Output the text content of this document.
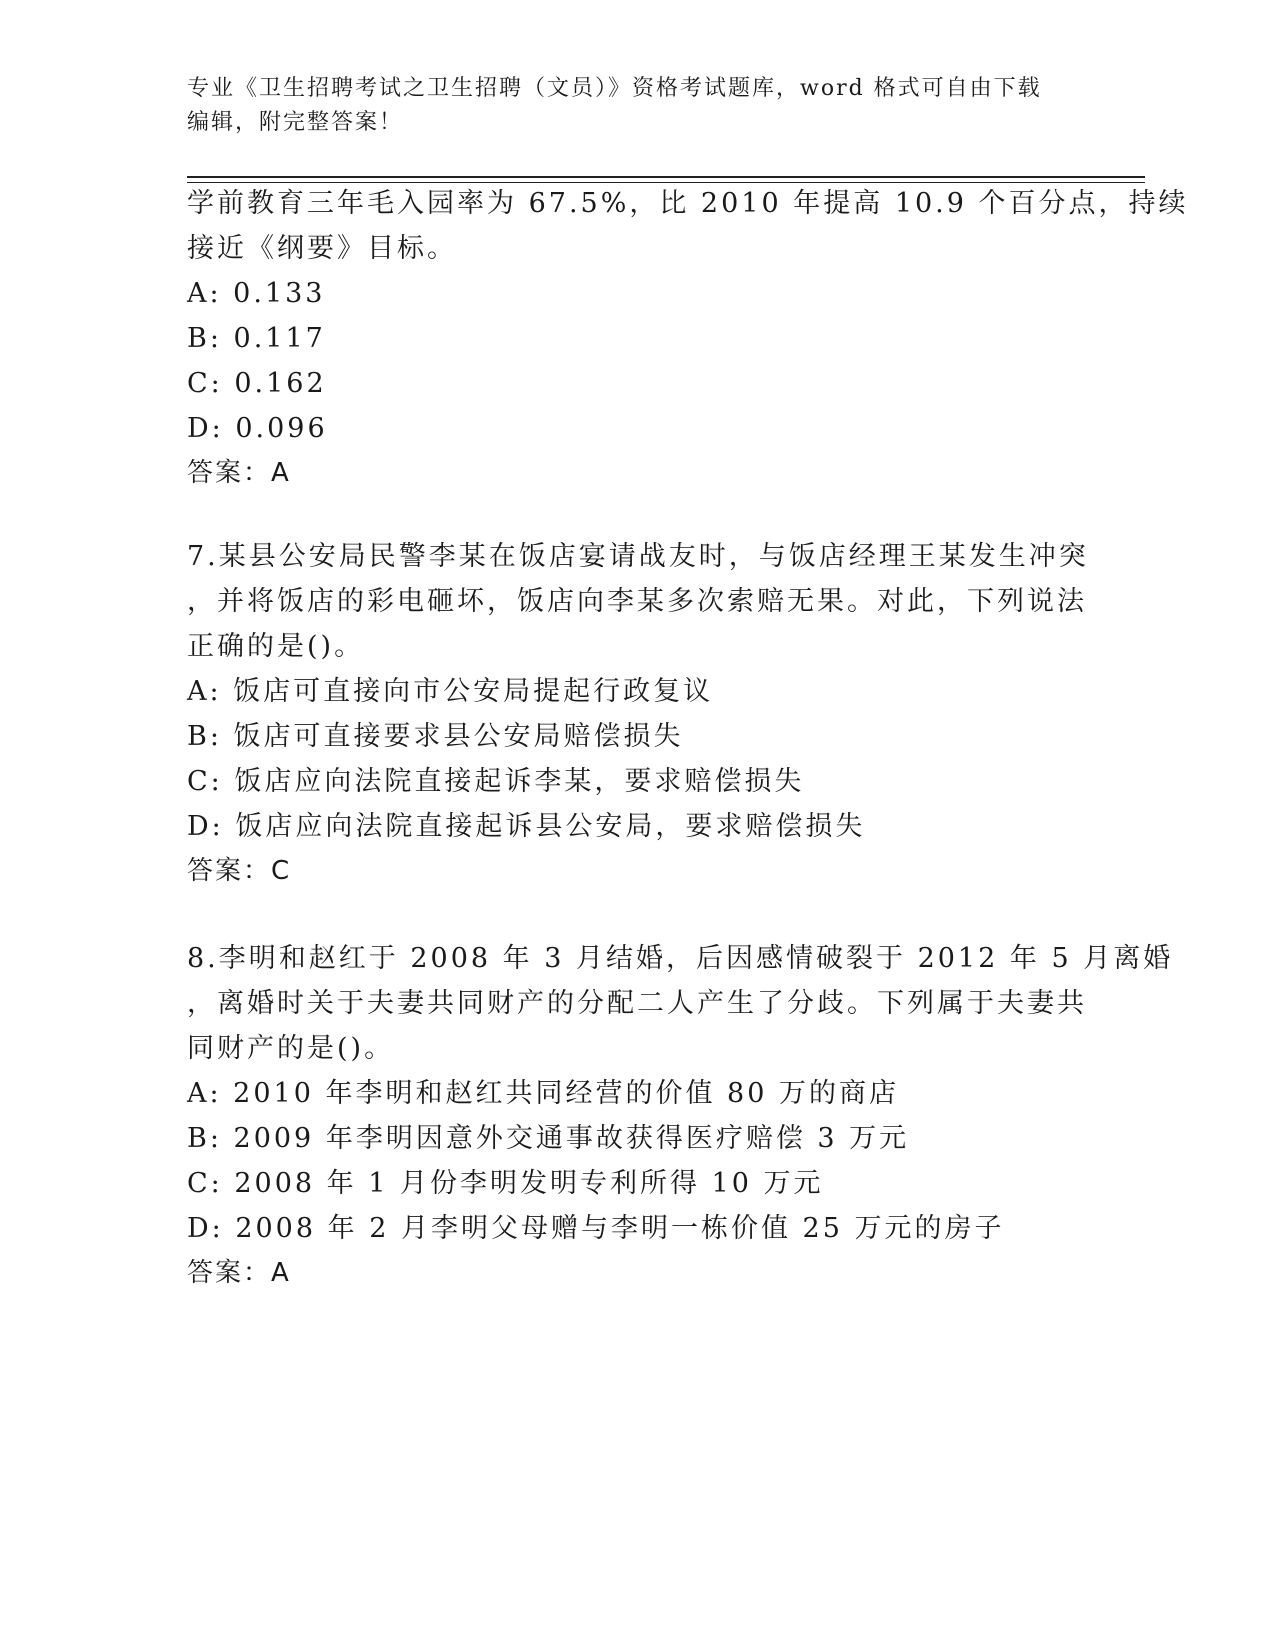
专业《卫生招聘考试之卫生招聘（文员）》资格考试题库，word 格式可自由下载
编辑，附完整答案！
学前教育三年毛入园率为 67.5%，比 2010 年提高 10.9 个百分点，持续
接近《纲要》目标。
A: 0.133
B: 0.117
C: 0.162
D: 0.096
答案：A
7.某县公安局民警李某在饭店宴请战友时，与饭店经理王某发生冲突
，并将饭店的彩电砸坏，饭店向李某多次索赔无果。对此，下列说法
正确的是()。
A: 饭店可直接向市公安局提起行政复议
B: 饭店可直接要求县公安局赔偿损失
C: 饭店应向法院直接起诉李某，要求赔偿损失
D: 饭店应向法院直接起诉县公安局，要求赔偿损失
答案：C
8.李明和赵红于 2008 年 3 月结婚，后因感情破裂于 2012 年 5 月离婚
，离婚时关于夫妻共同财产的分配二人产生了分歧。下列属于夫妻共
同财产的是()。
A: 2010 年李明和赵红共同经营的价值 80 万的商店
B: 2009 年李明因意外交通事故获得医疗赔偿 3 万元
C: 2008 年 1 月份李明发明专利所得 10 万元
D: 2008 年 2 月李明父母赠与李明一栋价值 25 万元的房子
答案：A
